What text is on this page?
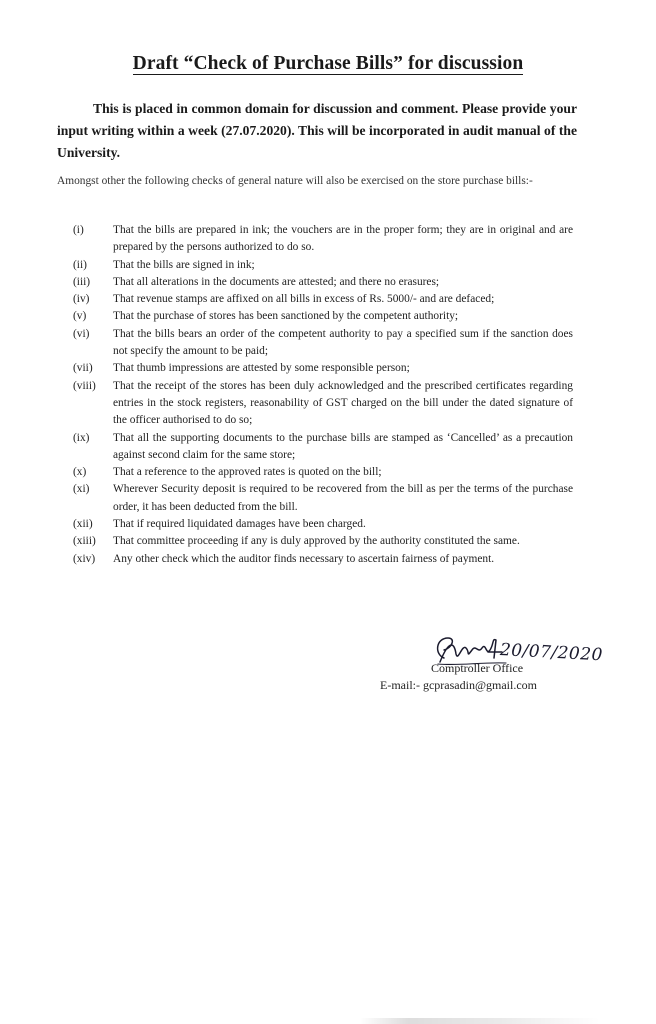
Draft “Check of Purchase Bills” for discussion
This is placed in common domain for discussion and comment. Please provide your input writing within a week (27.07.2020). This will be incorporated in audit manual of the University.
Amongst other the following checks of general nature will also be exercised on the store purchase bills:-
(i)	That the bills are prepared in ink; the vouchers are in the proper form; they are in original and are prepared by the persons authorized to do so.
(ii)	That the bills are signed in ink;
(iii)	That all alterations in the documents are attested; and there no erasures;
(iv)	That revenue stamps are affixed on all bills in excess of Rs. 5000/- and are defaced;
(v)	That the purchase of stores has been sanctioned by the competent authority;
(vi)	That the bills bears an order of the competent authority to pay a specified sum if the sanction does not specify the amount to be paid;
(vii)	That thumb impressions are attested by some responsible person;
(viii)	That the receipt of the stores has been duly acknowledged and the prescribed certificates regarding entries in the stock registers, reasonability of GST charged on the bill under the dated signature of the officer authorised to do so;
(ix)	That all the supporting documents to the purchase bills are stamped as ‘Cancelled’ as a precaution against second claim for the same store;
(x)	That a reference to the approved rates is quoted on the bill;
(xi)	Wherever Security deposit is required to be recovered from the bill as per the terms of the purchase order, it has been deducted from the bill.
(xii)	That if required liquidated damages have been charged.
(xiii)	That committee proceeding if any is duly approved by the authority constituted the same.
(xiv)	Any other check which the auditor finds necessary to ascertain fairness of payment.
20/07/2020
Comptroller Office
E-mail:- gcprasadin@gmail.com
